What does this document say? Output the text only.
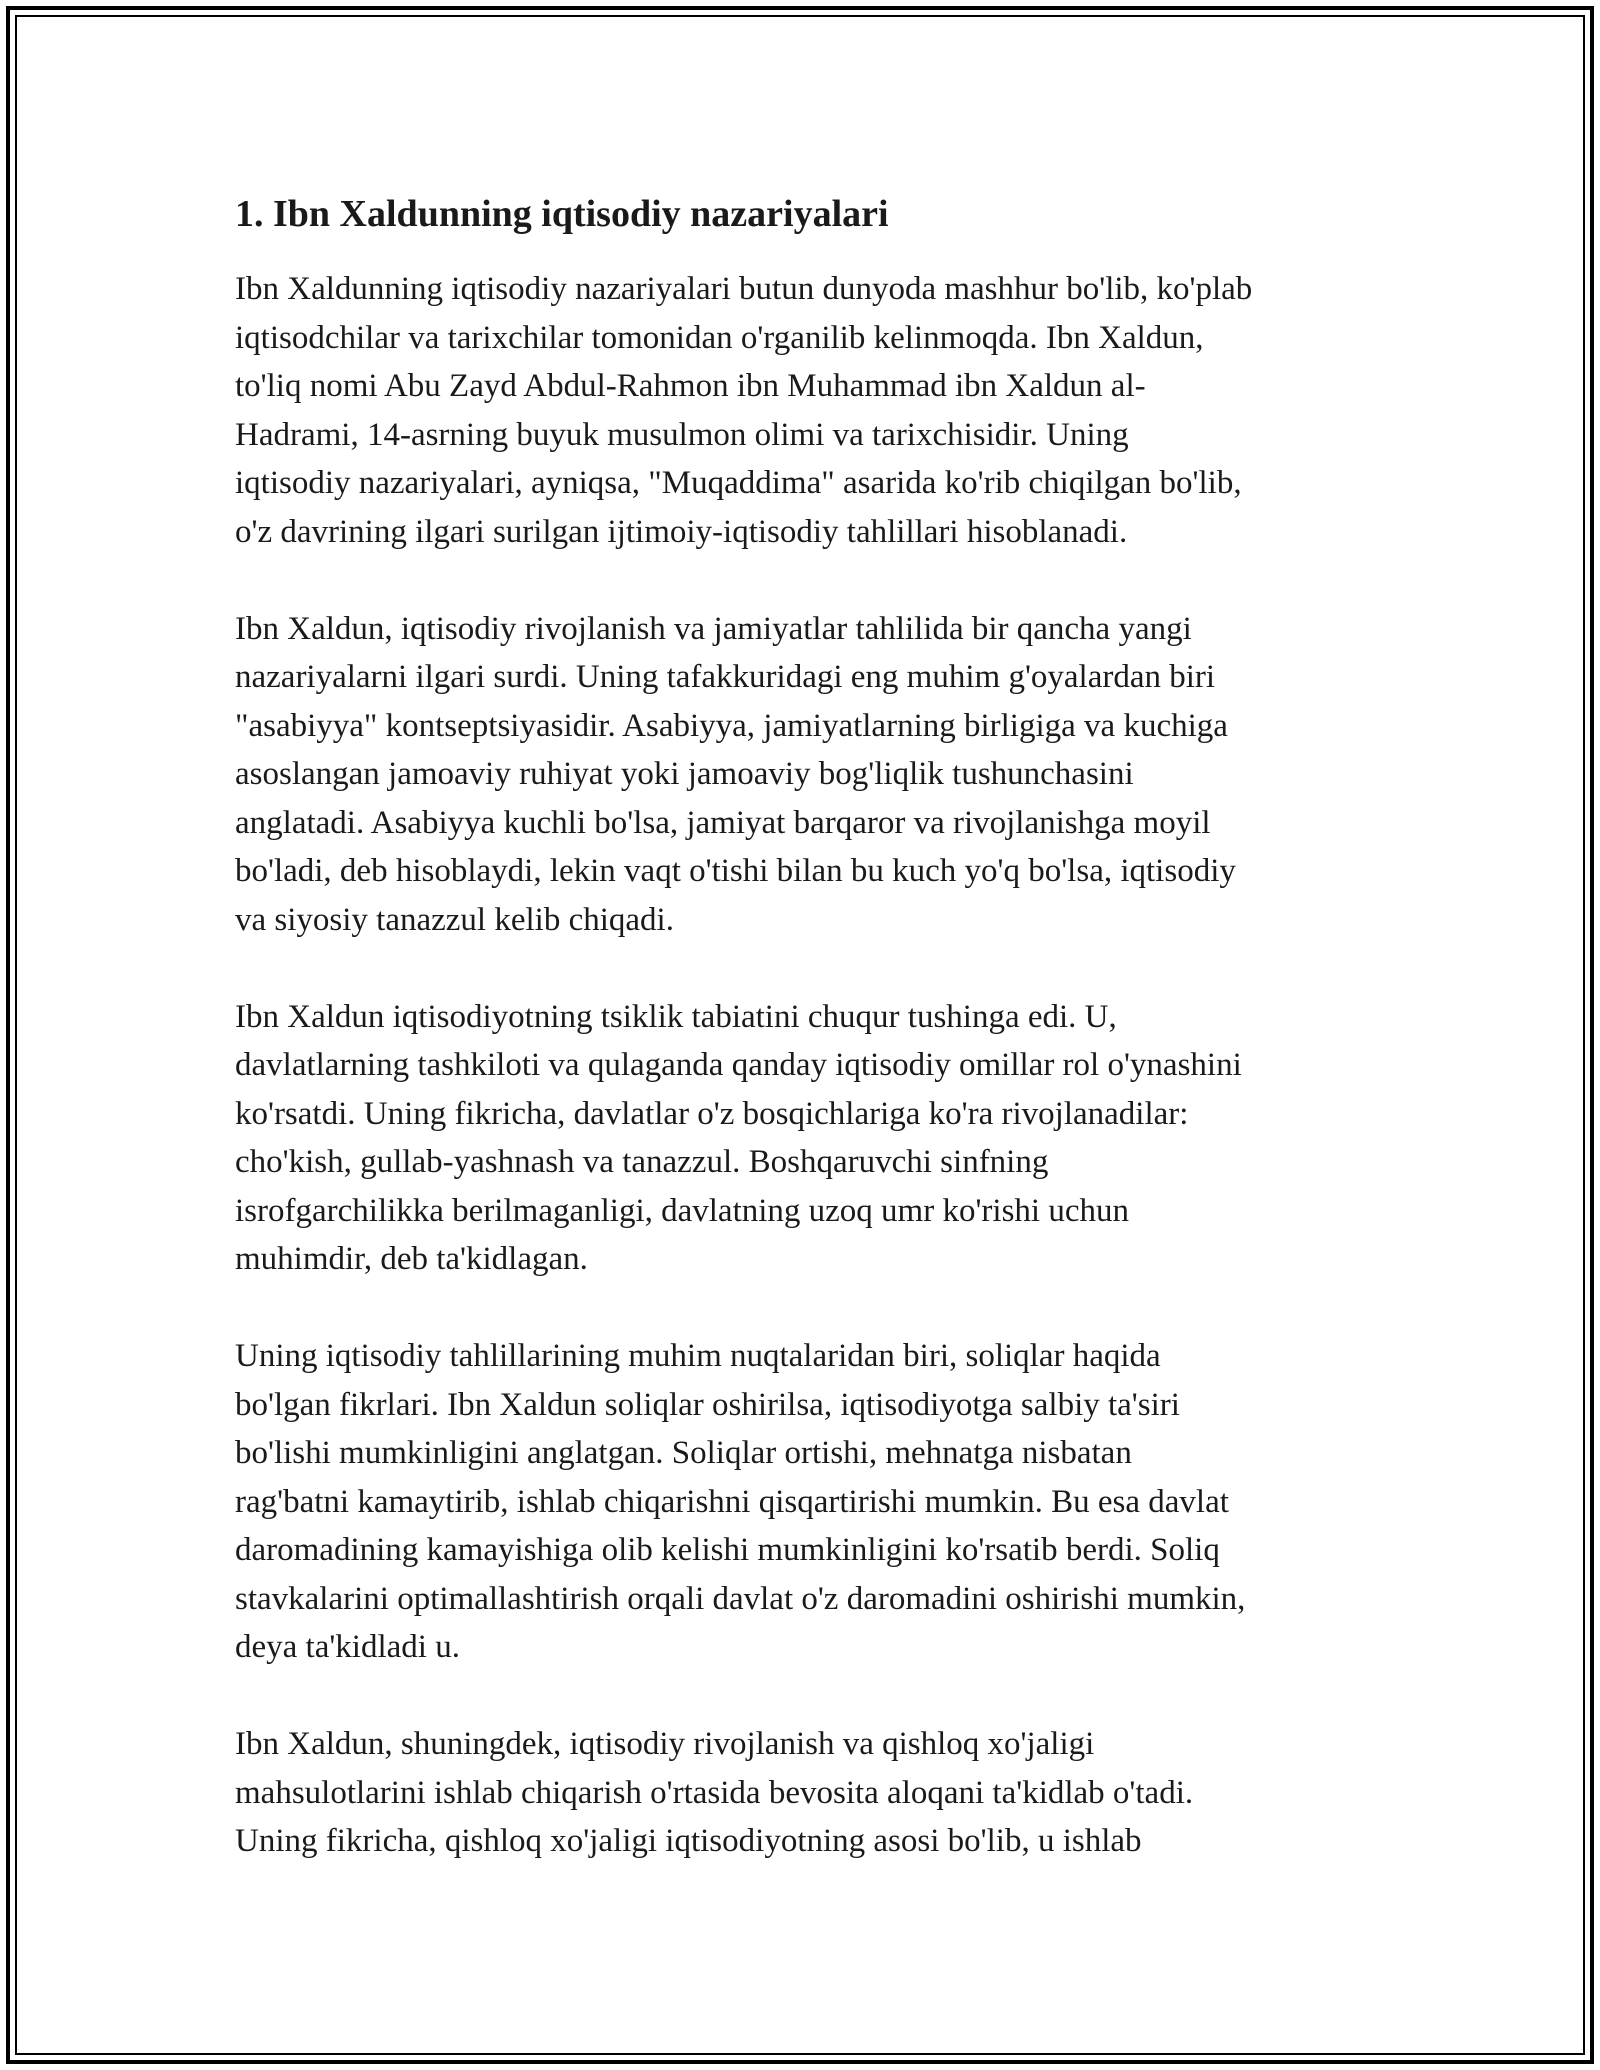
1. Ibn Xaldunning iqtisodiy nazariyalari

Ibn Xaldunning iqtisodiy nazariyalari butun dunyoda mashhur bo'lib, ko'plab
iqtisodchilar va tarixchilar tomonidan o'rganilib kelinmoqda. Ibn Xaldun,
to'liq nomi Abu Zayd Abdul-Rahmon ibn Muhammad ibn Xaldun al-
Hadrami, 14-asrning buyuk musulmon olimi va tarixchisidir. Uning
iqtisodiy nazariyalari, ayniqsa, "Muqaddima" asarida ko'rib chiqilgan bo'lib,
o'z davrining ilgari surilgan ijtimoiy-iqtisodiy tahlillari hisoblanadi.

Ibn Xaldun, iqtisodiy rivojlanish va jamiyatlar tahlilida bir qancha yangi
nazariyalarni ilgari surdi. Uning tafakkuridagi eng muhim g'oyalardan biri
"asabiyya" kontseptsiyasidir. Asabiyya, jamiyatlarning birligiga va kuchiga
asoslangan jamoaviy ruhiyat yoki jamoaviy bog'liqlik tushunchasini
anglatadi. Asabiyya kuchli bo'lsa, jamiyat barqaror va rivojlanishga moyil
bo'ladi, deb hisoblaydi, lekin vaqt o'tishi bilan bu kuch yo'q bo'lsa, iqtisodiy
va siyosiy tanazzul kelib chiqadi.

Ibn Xaldun iqtisodiyotning tsiklik tabiatini chuqur tushinga edi. U,
davlatlarning tashkiloti va qulaganda qanday iqtisodiy omillar rol o'ynashini
ko'rsatdi. Uning fikricha, davlatlar o'z bosqichlariga ko'ra rivojlanadilar:
cho'kish, gullab-yashnash va tanazzul. Boshqaruvchi sinfning
isrofgarchilikka berilmaganligi, davlatning uzoq umr ko'rishi uchun
muhimdir, deb ta'kidlagan.

Uning iqtisodiy tahlillarining muhim nuqtalaridan biri, soliqlar haqida
bo'lgan fikrlari. Ibn Xaldun soliqlar oshirilsa, iqtisodiyotga salbiy ta'siri
bo'lishi mumkinligini anglatgan. Soliqlar ortishi, mehnatga nisbatan
rag'batni kamaytirib, ishlab chiqarishni qisqartirishi mumkin. Bu esa davlat
daromadining kamayishiga olib kelishi mumkinligini ko'rsatib berdi. Soliq
stavkalarini optimallashtirish orqali davlat o'z daromadini oshirishi mumkin,
deya ta'kidladi u.

Ibn Xaldun, shuningdek, iqtisodiy rivojlanish va qishloq xo'jaligi
mahsulotlarini ishlab chiqarish o'rtasida bevosita aloqani ta'kidlab o'tadi.
Uning fikricha, qishloq xo'jaligi iqtisodiyotning asosi bo'lib, u ishlab
